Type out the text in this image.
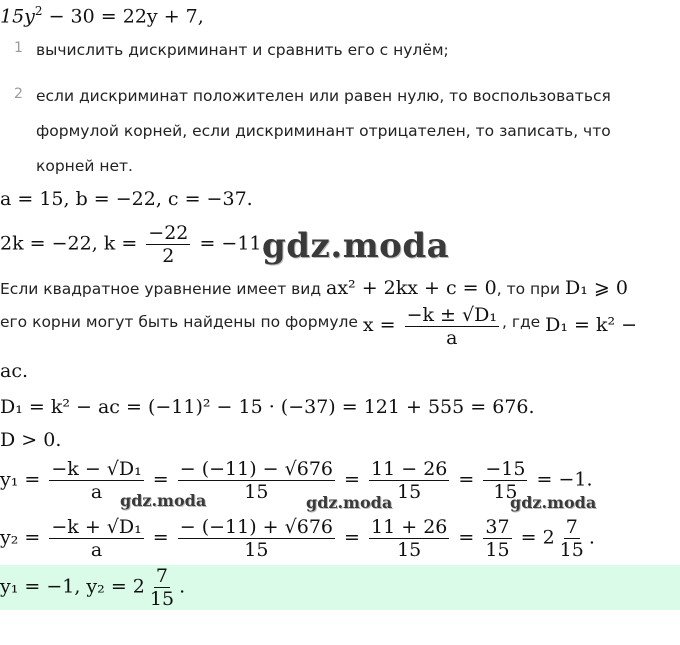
$15y^2 - 30 = 22y + 7$,
1 вычислить дискриминант и сравнить его с нулём;
2 если дискриминат положителен или равен нулю, то воспользоваться
формулой корней, если дискриминант отрицателен, то записать, что
корней нет.
a = 15, b = −22, c = −37.
2k = −22, $k = \frac{-22}{2} = -11$.
gdz.moda
Если квадратное уравнение имеет вид ax² + 2kx + c = 0, то при D₁ ⩾ 0
его корни могут быть найдены по формуле $x = \frac{\text{−k ± √D₁}}{a}$ , где D₁ = k² −
ac.
D₁ = k² − ac = (−11)² − 15 · (−37) = 121 + 555 = 676.
D > 0.
$y_1 = \frac{\text{−k − √D₁}}{a} = \frac{- (-11) - √676}{15} = \frac{11 - 26}{15} = \frac{-15}{15} = -1$.
gdz.moda	gdz.moda	gdz.moda
$y_2 = \frac{\text{−k + √D₁}}{a} = \frac{- (-11) + √676}{15} = \frac{11 + 26}{15} = \frac{37}{15} = 2 \frac{7}{15}$ .
y₁ = −1, $y_2 = 2 \frac{7}{15}$ .
